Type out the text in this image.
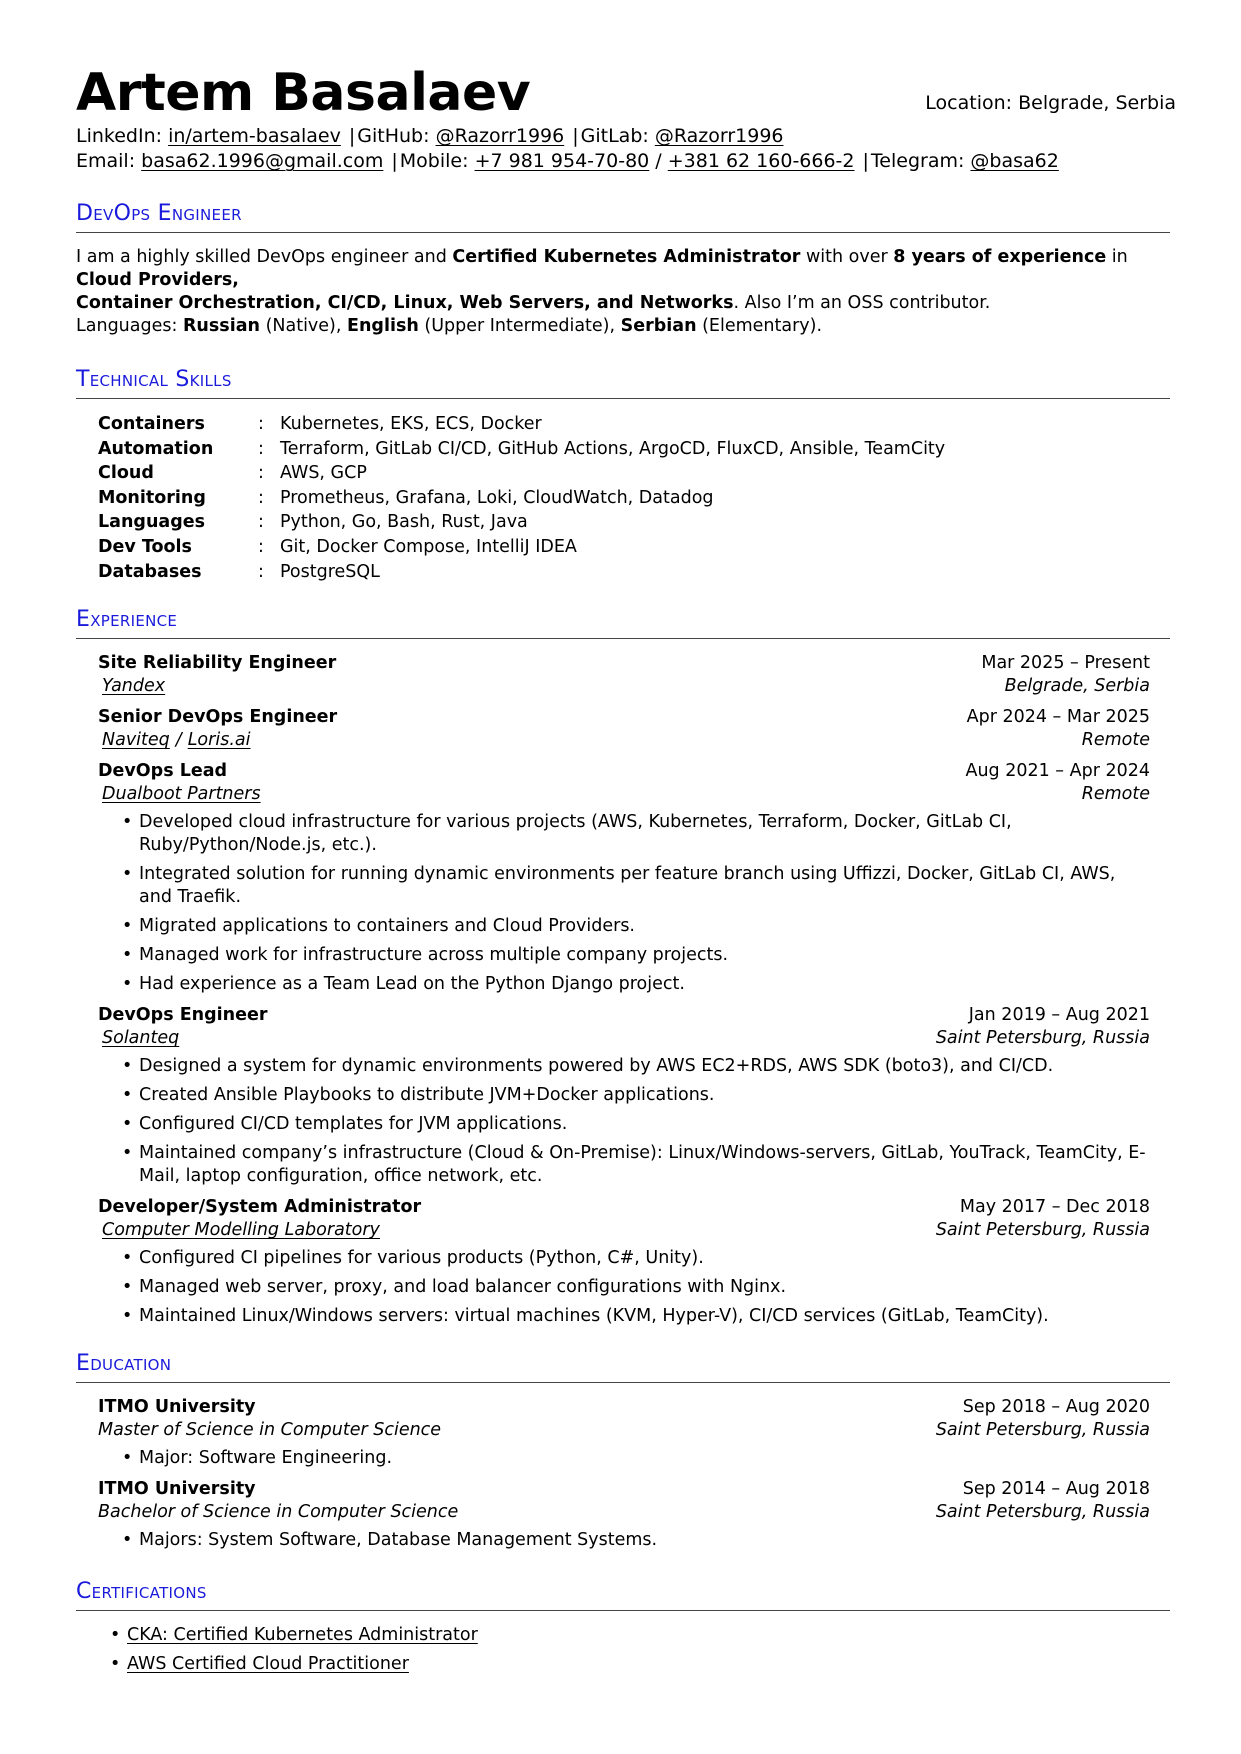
Artem Basalaev	Location: Belgrade, Serbia
LinkedIn: in/artem-basalaev | GitHub: @Razorr1996 | GitLab: @Razorr1996
Email: basa62.1996@gmail.com | Mobile: +7 981 954-70-80 / +381 62 160-666-2 | Telegram: @basa62
DevOps Engineer

I am a highly skilled DevOps engineer and Certified Kubernetes Administrator with over 8 years of experience in Cloud Providers,
Container Orchestration, CI/CD, Linux, Web Servers, and Networks. Also I’m an OSS contributor.

Languages: Russian (Native), English (Upper Intermediate), Serbian (Elementary).

Technical Skills
Containers	: Kubernetes, EKS, ECS, Docker
Automation	: Terraform, GitLab CI/CD, GitHub Actions, ArgoCD, FluxCD, Ansible, TeamCity
Cloud	: AWS, GCP
Monitoring	: Prometheus, Grafana, Loki, CloudWatch, Datadog
Languages	: Python, Go, Bash, Rust, Java
Dev Tools	: Git, Docker Compose, IntelliJ IDEA
Databases	: PostgreSQL
Experience
Site Reliability Engineer	Mar 2025 – Present
Yandex	Belgrade, Serbia
Senior DevOps Engineer	Apr 2024 – Mar 2025
Naviteq / Loris.ai	Remote
DevOps Lead	Aug 2021 – Apr 2024
Dualboot Partners	Remote
• Developed cloud infrastructure for various projects (AWS, Kubernetes, Terraform, Docker, GitLab CI, Ruby/Python/Node.js, etc.).
• Integrated solution for running dynamic environments per feature branch using Uffizzi, Docker, GitLab CI, AWS, and Traefik.
• Migrated applications to containers and Cloud Providers.
• Managed work for infrastructure across multiple company projects.
• Had experience as a Team Lead on the Python Django project.
DevOps Engineer	Jan 2019 – Aug 2021
Solanteq	Saint Petersburg, Russia
• Designed a system for dynamic environments powered by AWS EC2+RDS, AWS SDK (boto3), and CI/CD.
• Created Ansible Playbooks to distribute JVM+Docker applications.
• Configured CI/CD templates for JVM applications.
• Maintained company’s infrastructure (Cloud & On-Premise): Linux/Windows-servers, GitLab, YouTrack, TeamCity, E-Mail, laptop configuration, office network, etc.
Developer/System Administrator	May 2017 – Dec 2018
Computer Modelling Laboratory	Saint Petersburg, Russia
• Configured CI pipelines for various products (Python, C#, Unity).
• Managed web server, proxy, and load balancer configurations with Nginx.
• Maintained Linux/Windows servers: virtual machines (KVM, Hyper-V), CI/CD services (GitLab, TeamCity).
Education
ITMO University	Sep 2018 – Aug 2020
Master of Science in Computer Science	Saint Petersburg, Russia
• Major: Software Engineering.
ITMO University	Sep 2014 – Aug 2018
Bachelor of Science in Computer Science	Saint Petersburg, Russia
• Majors: System Software, Database Management Systems.
Certifications
• CKA: Certified Kubernetes Administrator
• AWS Certified Cloud Practitioner
